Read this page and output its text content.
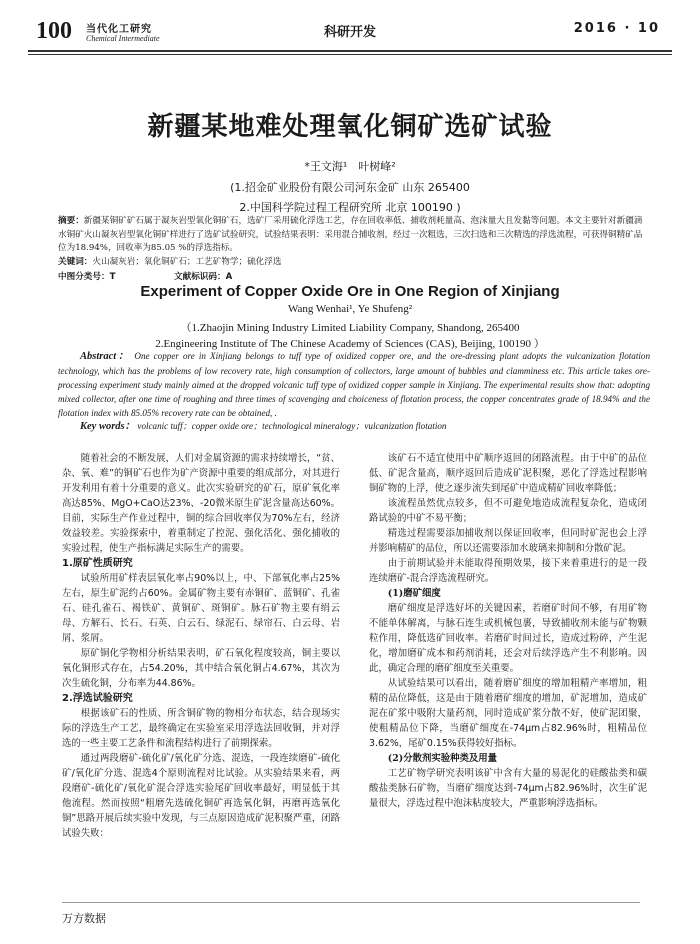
100 当代化工研究
Chemical Intermediate	科研开发	2016 · 10
新疆某地难处理氧化铜矿选矿试验
*王文海¹　叶树峰²
(1.招金矿业股份有限公司河东金矿 山东 265400
2.中国科学院过程工程研究所 北京 100190 )
摘要：新疆某铜矿矿石属于凝灰岩型氧化铜矿石，选矿厂采用硫化浮选工艺，存在回收率低、捕收剂耗量高、泡沫量大且发黏等问题。本文主要针对新疆滴水铜矿火山凝灰岩型氧化铜矿样进行了选矿试验研究，试验结果表明：采用混合捕收剂，经过一次粗选，三次扫选和三次精选的浮选流程，可获得铜精矿品位为18.94%，回收率为85.05 %的浮选指标。
关键词：火山凝灰岩；氧化铜矿石；工艺矿物学；硫化浮选
中图分类号：T	文献标识码：A
Experiment of Copper Oxide Ore in One Region of Xinjiang
Wang Wenhai¹, Ye Shufeng²
（1.Zhaojin Mining Industry Limited Liability Company, Shandong, 265400
2.Engineering Institute of The Chinese Academy of Sciences (CAS), Beijing, 100190 ）
Abstract： One copper ore in Xinjiang belongs to tuff type of oxidized copper ore, and the ore-dressing plant adopts the vulcanization flotation technology, which has the problems of low recovery rate, high consumption of collectors, large amount of bubbles and clamminess etc. This article takes ore-processing experiment study mainly aimed at the dropped volcanic tuff type of oxidized copper sample in Xinjiang. The experimental results show that: adopting mixed collector, after one time of roughing and three times of scavenging and choiceness of flotation process, the copper concentrates grade of 18.94% and the flotation index with 85.05% recovery rate can be obtained, .
Key words： volcanic tuff；copper oxide ore；technological mineralogy；vulcanization flotation

随着社会的不断发展，人们对金属资源的需求持续增长，“贫、杂、氧、难”的铜矿石也作为矿产资源中重要的组成部分，对其进行开发利用有着十分重要的意义。此次实验研究的矿石，原矿氧化率高达85%、MgO+CaO达23%、-20微米原生矿泥含量高达60%。目前，实际生产作业过程中，铜的综合回收率仅为70%左右，经济效益较差。实验探索中，着重制定了控泥、强化活化、强化捕收的实验过程，使生产指标满足实际生产的需要。

1.原矿性质研究

试验所用矿样表层氧化率占90%以上，中、下部氧化率占25%左右，原生矿泥约占60%。金属矿物主要有赤铜矿、蓝铜矿、孔雀石、硅孔雀石、褐铁矿、黄铜矿、斑铜矿。脉石矿物主要有绢云母、方解石、长石、石英、白云石、绿泥石、绿帘石、白云母、岩屑、浆屑。

原矿铜化学物相分析结果表明，矿石氧化程度较高，铜主要以氧化铜形式存在，占54.20%，其中结合氧化铜占4.67%，其次为次生硫化铜，分布率为44.86%。

2.浮选试验研究

根据该矿石的性质、所含铜矿物的物相分布状态，结合现场实际的浮选生产工艺，最终确定在实验室采用浮选法回收铜，并对浮选的一些主要工艺条件和流程结构进行了前期探索。

通过两段磨矿-硫化矿/氧化矿分选、混选，一段连续磨矿-硫化矿/氧化矿分选、混选4个原则流程对比试验。从实验结果来看，两段磨矿-硫化矿/氧化矿混合浮选实验尾矿回收率最好，明显低于其他流程。然而按照“粗磨先选硫化铜矿再选氧化铜，再磨再选氧化铜”思路开展后续实验中发现，与三点原因造成矿泥积聚严重，闭路试验失败：

该矿石不适宜使用中矿顺序返回的闭路流程。由于中矿的品位低、矿泥含量高，顺序返回后造成矿泥积聚，恶化了浮选过程影响铜矿物的上浮，使之逐步流失到尾矿中造成精矿回收率降低；

该流程虽然优点较多，但不可避免地造成流程复杂化，造成闭路试验的中矿不易平衡；

精选过程需要添加捕收剂以保证回收率，但同时矿泥也会上浮并影响精矿的品位，所以还需要添加水玻璃来抑制和分散矿泥。

由于前期试验并未能取得预期效果，接下来着重进行的是一段连续磨矿-混合浮选流程研究。

(1)磨矿细度

磨矿细度是浮选好坏的关键因素，若磨矿时间不够，有用矿物不能单体解离，与脉石连生或机械包裹，导致捕收剂未能与矿物颗粒作用，降低选矿回收率。若磨矿时间过长，造成过粉碎，产生泥化，增加磨矿成本和药剂消耗，还会对后续浮选产生不利影响。因此，确定合理的磨矿细度至关重要。

从试验结果可以看出，随着磨矿细度的增加粗精产率增加，粗精的品位降低，这是由于随着磨矿细度的增加，矿泥增加，造成矿泥在矿浆中吸附大量药剂，同时造成矿浆分散不好，使矿泥团聚，使粗精品位下降，当磨矿细度在-74μm占82.96%时，粗精品位3.62%，尾矿0.15%获得较好指标。

(2)分散剂实验种类及用量

工艺矿物学研究表明该矿中含有大量的易泥化的硅酸盐类和碳酸盐类脉石矿物，当磨矿细度达到-74μm占82.96%时，次生矿泥量很大，浮选过程中泡沫粘度较大，严重影响浮选指标。

万方数据
